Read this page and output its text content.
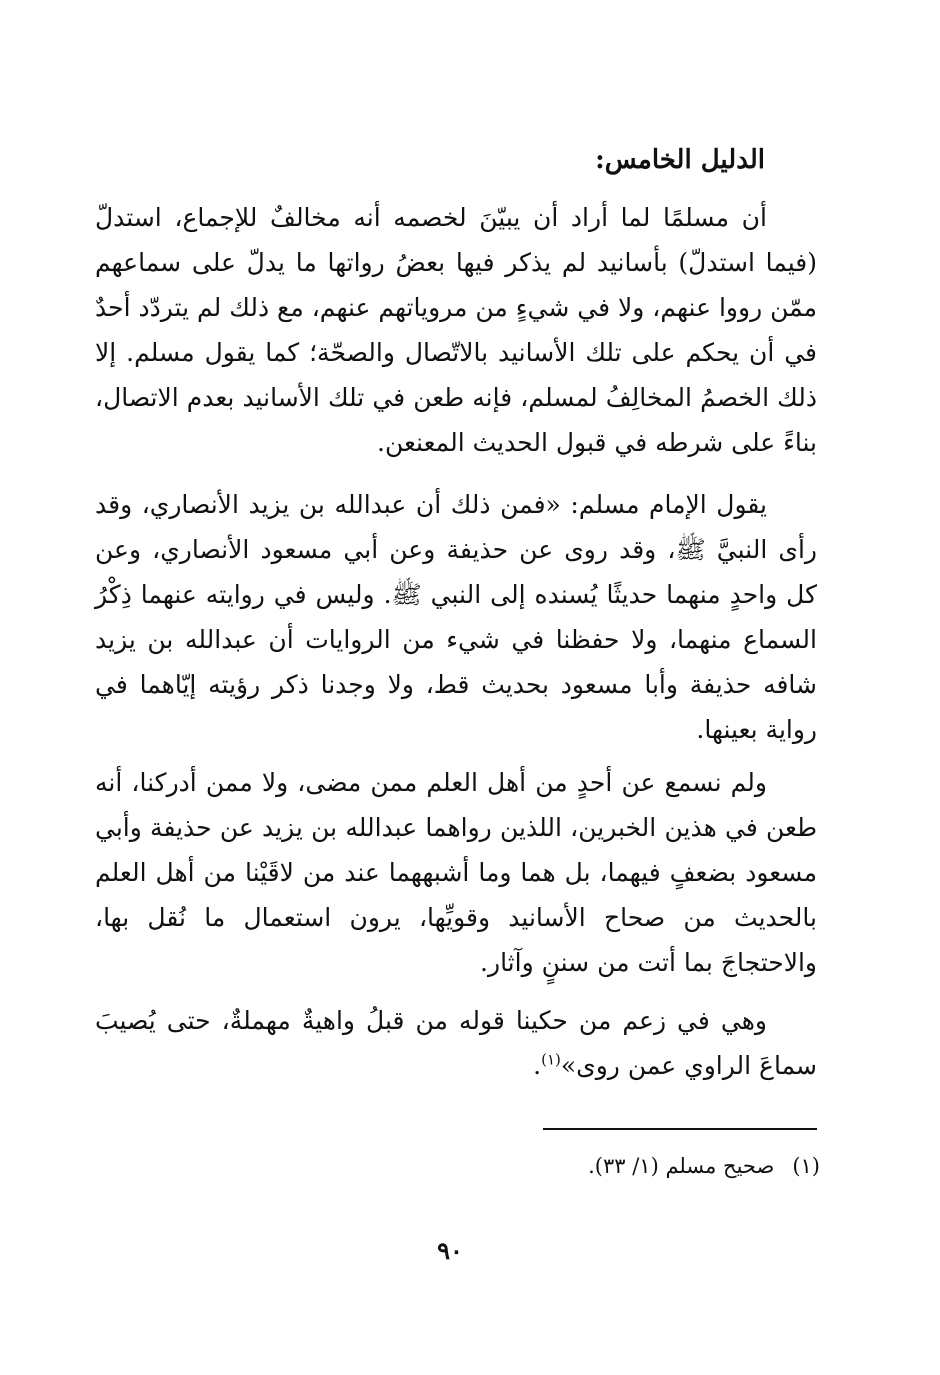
الدليل الخامس:

أن مسلمًا لما أراد أن يبيّنَ لخصمه أنه مخالفٌ للإجماع، استدلّ (فيما استدلّ) بأسانيد لم يذكر فيها بعضُ رواتها ما يدلّ على سماعهم ممّن رووا عنهم، ولا في شيءٍ من مروياتهم عنهم، مع ذلك لم يتردّد أحدٌ في أن يحكم على تلك الأسانيد بالاتّصال والصحّة؛ كما يقول مسلم. إلا ذلك الخصمُ المخالِفُ لمسلم، فإنه طعن في تلك الأسانيد بعدم الاتصال، بناءً على شرطه في قبول الحديث المعنعن.

يقول الإمام مسلم: «فمن ذلك أن عبدالله بن يزيد الأنصاري، وقد رأى النبيَّ ﷺ، وقد روى عن حذيفة وعن أبي مسعود الأنصاري، وعن كل واحدٍ منهما حديثًا يُسنده إلى النبي ﷺ. وليس في روايته عنهما ذِكْرُ السماع منهما، ولا حفظنا في شيء من الروايات أن عبدالله بن يزيد شافه حذيفة وأبا مسعود بحديث قط، ولا وجدنا ذكر رؤيته إيّاهما في رواية بعينها.

ولم نسمع عن أحدٍ من أهل العلم ممن مضى، ولا ممن أدركنا، أنه طعن في هذين الخبرين، اللذين رواهما عبدالله بن يزيد عن حذيفة وأبي مسعود بضعفٍ فيهما، بل هما وما أشبههما عند من لاقَيْنا من أهل العلم بالحديث من صحاح الأسانيد وقويِّها، يرون استعمال ما نُقل بها، والاحتجاجَ بما أتت من سننٍ وآثار.

وهي في زعم من حكينا قوله من قبلُ واهيةٌ مهملةٌ، حتى يُصيبَ سماعَ الراوي عمن روى»$^{(١)}$.

(١)صحيح مسلم (١/ ٣٣).
٩٠
